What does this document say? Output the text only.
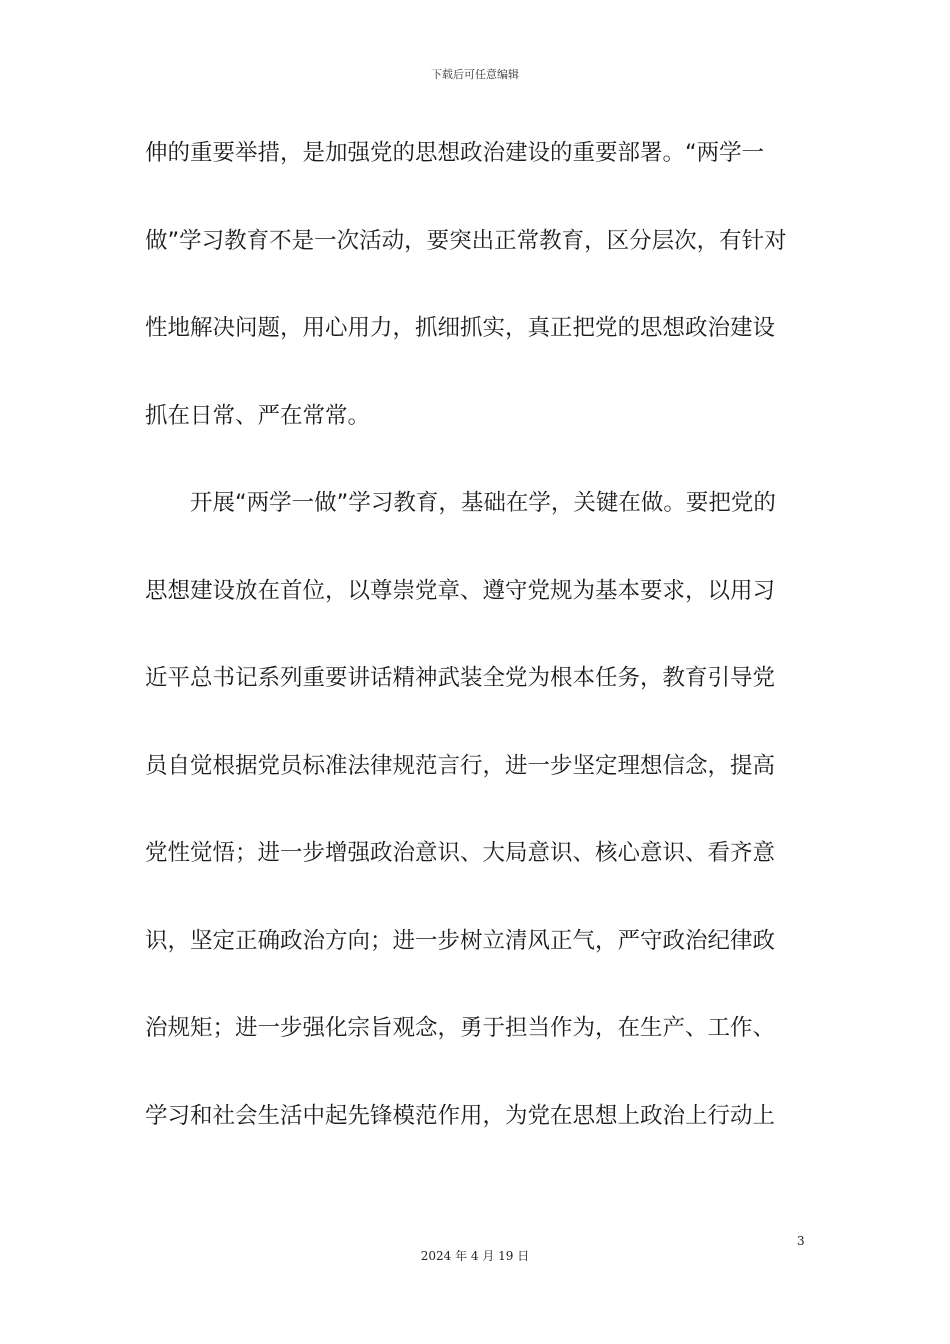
下载后可任意编辑
伸的重要举措，是加强党的思想政治建设的重要部署。“两学一
做”学习教育不是一次活动，要突出正常教育，区分层次，有针对
性地解决问题，用心用力，抓细抓实，真正把党的思想政治建设
抓在日常、严在常常。
　　开展“两学一做”学习教育，基础在学，关键在做。要把党的
思想建设放在首位，以尊崇党章、遵守党规为基本要求，以用习
近平总书记系列重要讲话精神武装全党为根本任务，教育引导党
员自觉根据党员标准法律规范言行，进一步坚定理想信念，提高
党性觉悟；进一步增强政治意识、大局意识、核心意识、看齐意
识，坚定正确政治方向；进一步树立清风正气，严守政治纪律政
治规矩；进一步强化宗旨观念，勇于担当作为，在生产、工作、
学习和社会生活中起先锋模范作用，为党在思想上政治上行动上
3
2024 年 4 月 19 日
